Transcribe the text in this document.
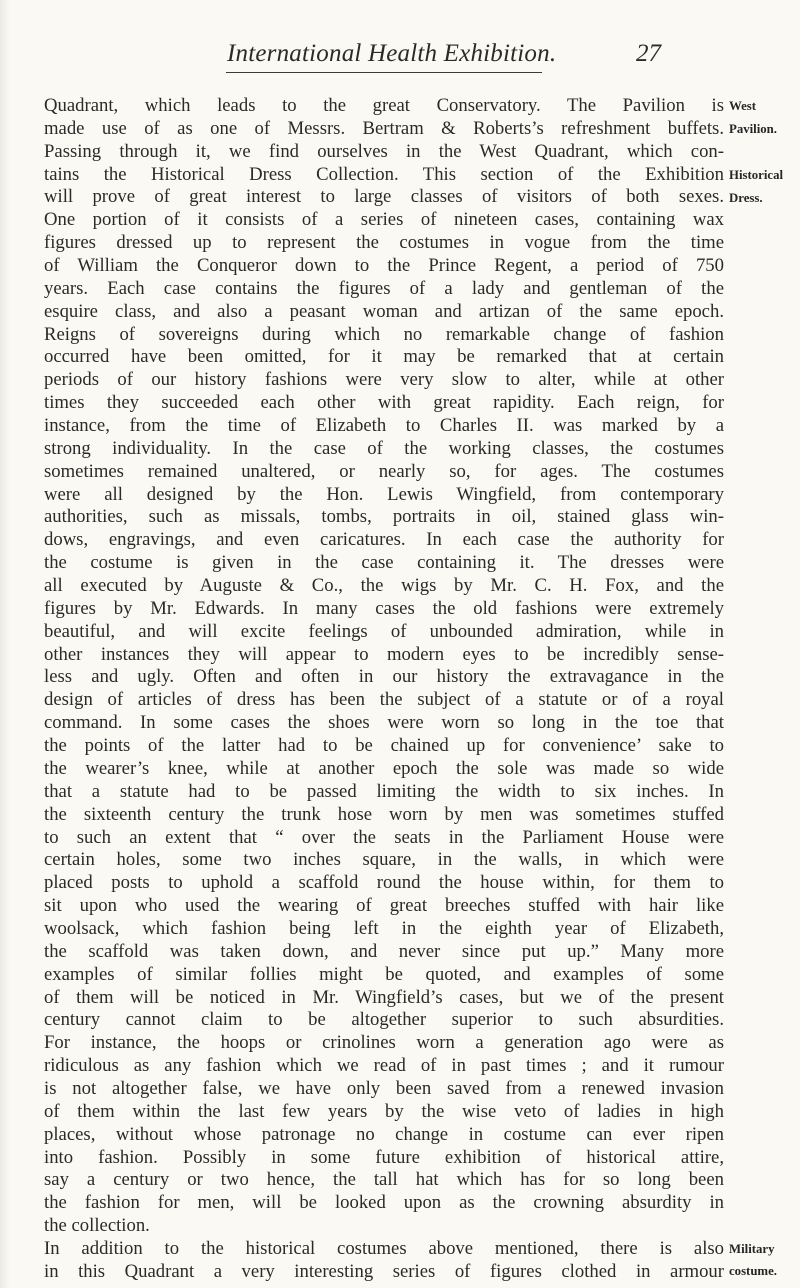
International Health Exhibition.	27
Quadrant, which leads to the great Conservatory. The Pavilion is
made use of as one of Messrs. Bertram & Roberts’s refreshment buffets.
Passing through it, we find ourselves in the West Quadrant, which con-
tains the Historical Dress Collection. This section of the Exhibition
will prove of great interest to large classes of visitors of both sexes.
One portion of it consists of a series of nineteen cases, containing wax
figures dressed up to represent the costumes in vogue from the time
of William the Conqueror down to the Prince Regent, a period of 750
years. Each case contains the figures of a lady and gentleman of the
esquire class, and also a peasant woman and artizan of the same epoch.
Reigns of sovereigns during which no remarkable change of fashion
occurred have been omitted, for it may be remarked that at certain
periods of our history fashions were very slow to alter, while at other
times they succeeded each other with great rapidity. Each reign, for
instance, from the time of Elizabeth to Charles II. was marked by a
strong individuality. In the case of the working classes, the costumes
sometimes remained unaltered, or nearly so, for ages. The costumes
were all designed by the Hon. Lewis Wingfield, from contemporary
authorities, such as missals, tombs, portraits in oil, stained glass win-
dows, engravings, and even caricatures. In each case the authority for
the costume is given in the case containing it. The dresses were
all executed by Auguste & Co., the wigs by Mr. C. H. Fox, and the
figures by Mr. Edwards. In many cases the old fashions were extremely
beautiful, and will excite feelings of unbounded admiration, while in
other instances they will appear to modern eyes to be incredibly sense-
less and ugly. Often and often in our history the extravagance in the
design of articles of dress has been the subject of a statute or of a royal
command. In some cases the shoes were worn so long in the toe that
the points of the latter had to be chained up for convenience’ sake to
the wearer’s knee, while at another epoch the sole was made so wide
that a statute had to be passed limiting the width to six inches. In
the sixteenth century the trunk hose worn by men was sometimes stuffed
to such an extent that “ over the seats in the Parliament House were
certain holes, some two inches square, in the walls, in which were
placed posts to uphold a scaffold round the house within, for them to
sit upon who used the wearing of great breeches stuffed with hair like
woolsack, which fashion being left in the eighth year of Elizabeth,
the scaffold was taken down, and never since put up.” Many more
examples of similar follies might be quoted, and examples of some
of them will be noticed in Mr. Wingfield’s cases, but we of the present
century cannot claim to be altogether superior to such absurdities.
For instance, the hoops or crinolines worn a generation ago were as
ridiculous as any fashion which we read of in past times ; and it rumour
is not altogether false, we have only been saved from a renewed invasion
of them within the last few years by the wise veto of ladies in high
places, without whose patronage no change in costume can ever ripen
into fashion. Possibly in some future exhibition of historical attire,
say a century or two hence, the tall hat which has for so long been
the fashion for men, will be looked upon as the crowning absurdity in
the collection.
In addition to the historical costumes above mentioned, there is also
in this Quadrant a very interesting series of figures clothed in armour
West
Pavilion.
Historical
Dress.
Military
costume.
